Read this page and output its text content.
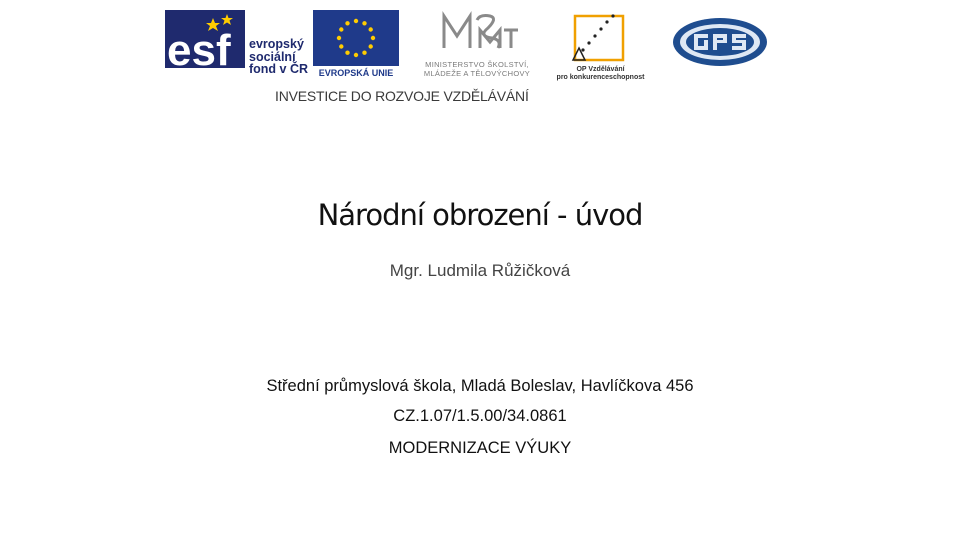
esf evropský sociální fond v ČR	EVROPSKÁ UNIE
MINISTERSTVO ŠKOLSTVÍ,
MLÁDEŽE A TĚLOVÝCHOVY	OP Vzdělávání
pro konkurenceschopnost
INVESTICE DO ROZVOJE VZDĚLÁVÁNÍ
Národní obrození - úvod
Mgr. Ludmila Růžičková
Střední průmyslová škola, Mladá Boleslav, Havlíčkova 456
CZ.1.07/1.5.00/34.0861
MODERNIZACE VÝUKY
